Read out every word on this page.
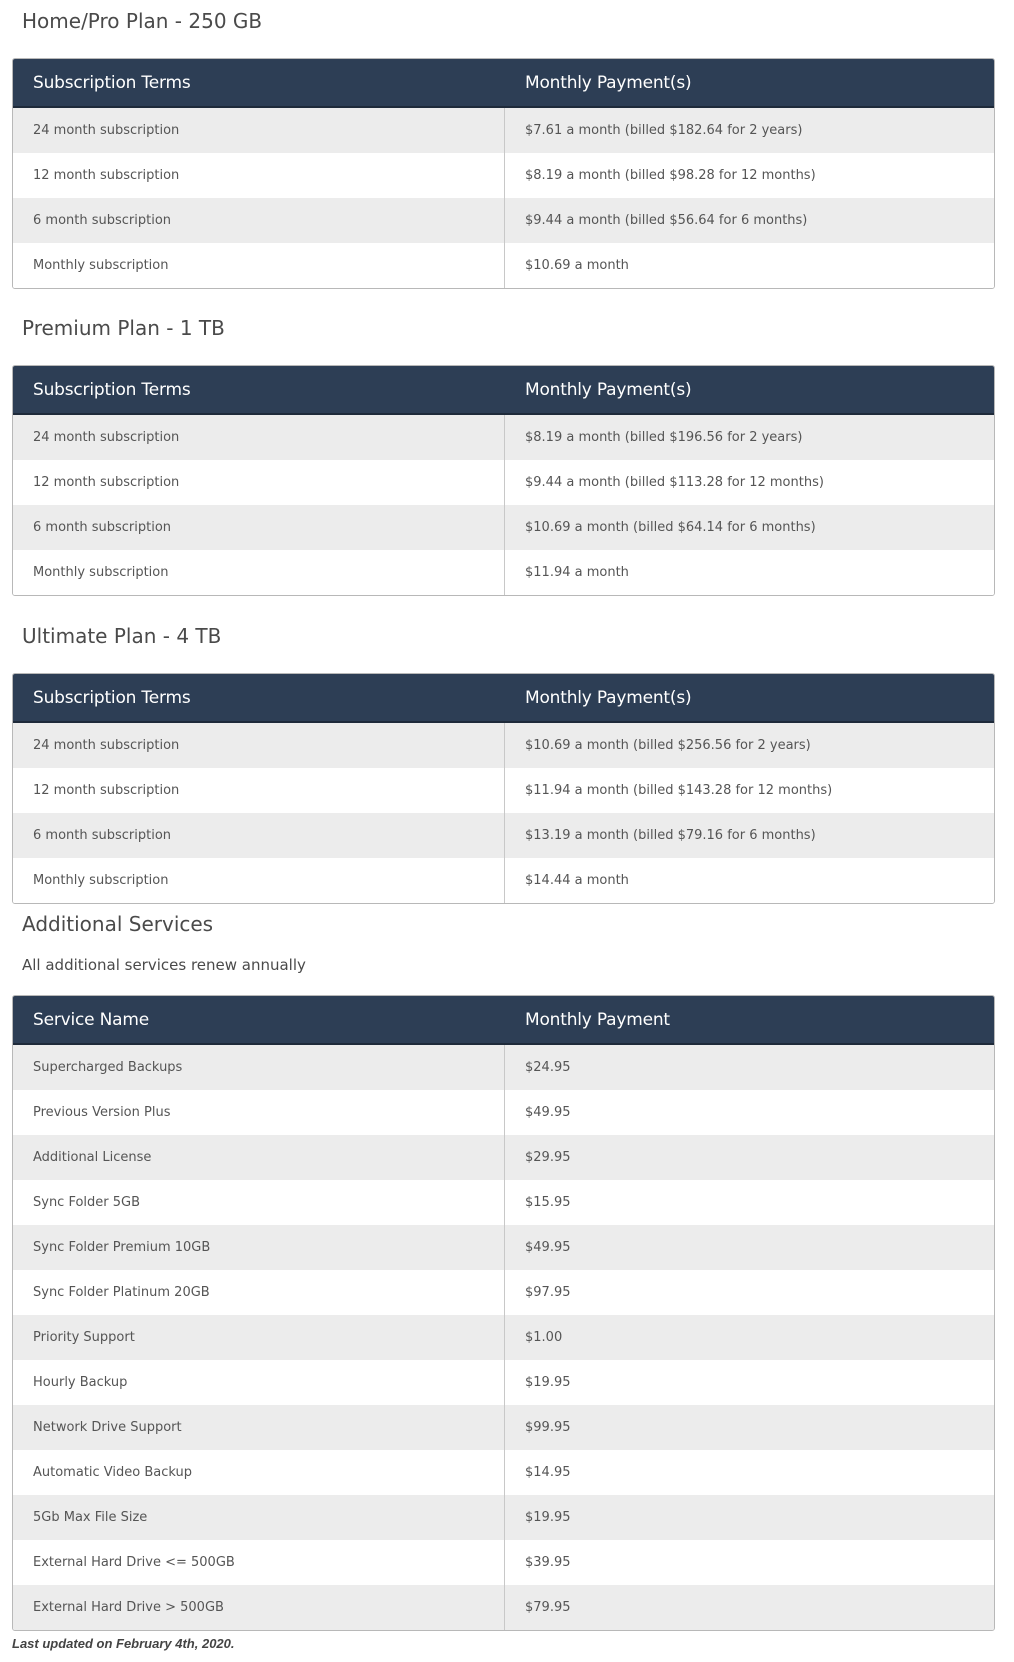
Home/Pro Plan - 250 GB
Subscription Terms	Monthly Payment(s)
24 month subscription	$7.61 a month (billed $182.64 for 2 years)
12 month subscription	$8.19 a month (billed $98.28 for 12 months)
6 month subscription	$9.44 a month (billed $56.64 for 6 months)
Monthly subscription	$10.69 a month
Premium Plan - 1 TB
Subscription Terms	Monthly Payment(s)
24 month subscription	$8.19 a month (billed $196.56 for 2 years)
12 month subscription	$9.44 a month (billed $113.28 for 12 months)
6 month subscription	$10.69 a month (billed $64.14 for 6 months)
Monthly subscription	$11.94 a month
Ultimate Plan - 4 TB
Subscription Terms	Monthly Payment(s)
24 month subscription	$10.69 a month (billed $256.56 for 2 years)
12 month subscription	$11.94 a month (billed $143.28 for 12 months)
6 month subscription	$13.19 a month (billed $79.16 for 6 months)
Monthly subscription	$14.44 a month
Additional Services

All additional services renew annually

Service Name	Monthly Payment
Supercharged Backups	$24.95
Previous Version Plus	$49.95
Additional License	$29.95
Sync Folder 5GB	$15.95
Sync Folder Premium 10GB	$49.95
Sync Folder Platinum 20GB	$97.95
Priority Support	$1.00
Hourly Backup	$19.95
Network Drive Support	$99.95
Automatic Video Backup	$14.95
5Gb Max File Size	$19.95
External Hard Drive <= 500GB	$39.95
External Hard Drive > 500GB	$79.95

Last updated on February 4th, 2020.
